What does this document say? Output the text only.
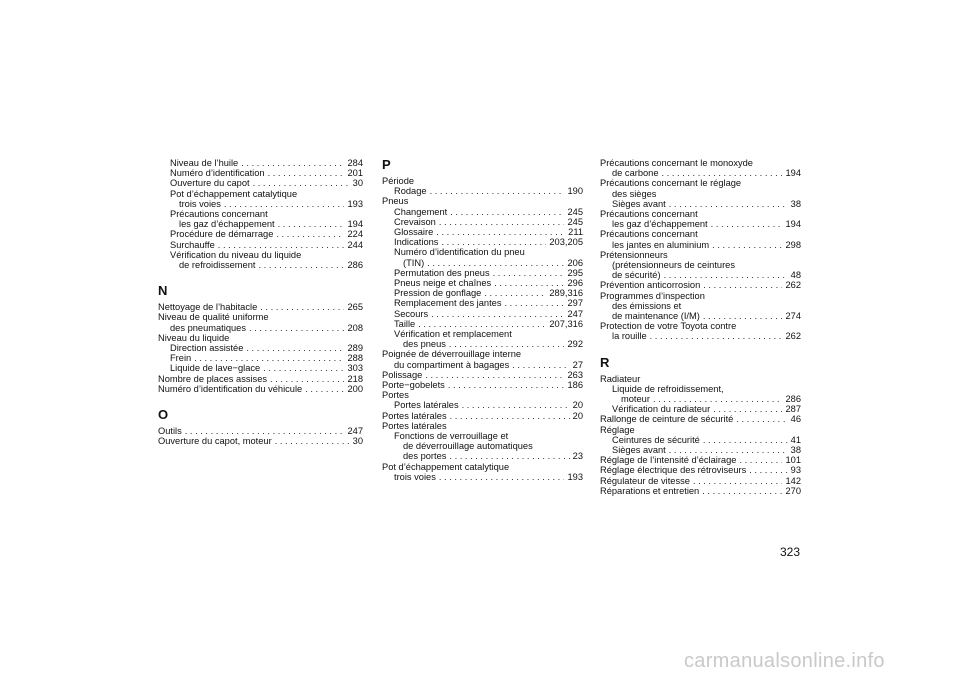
Niveau de l’huile . . .	284
Numéro d’identification . . .	201
Ouverture du capot . . .	30
Pot d’échappement catalytique
trois voies . . .	193
Précautions concernant
les gaz d’échappement . . .	194
Procédure de démarrage . . .	224
Surchauffe . . .	244
Vérification du niveau du liquide
de refroidissement . . .	286
N
Nettoyage de l’habitacle . . .	265
Niveau de qualité uniforme
des pneumatiques . . .	208
Niveau du liquide
Direction assistée . . .	289
Frein . . .	288
Liquide de lave−glace . . .	303
Nombre de places assises . . .	218
Numéro d’identification du véhicule . . .	200
O
Outils . . .	247
Ouverture du capot, moteur . . .	30
P
Période
Rodage . . .	190
Pneus
Changement . . .	245
Crevaison . . .	245
Glossaire . . .	211
Indications . . .	203,205
Numéro d’identification du pneu
(TIN) . . .	206
Permutation des pneus . . .	295
Pneus neige et chaînes . . .	296
Pression de gonflage . . .	289,316
Remplacement des jantes . . .	297
Secours . . .	247
Taille . . .	207,316
Vérification et remplacement
des pneus . . .	292
Poignée de déverrouillage interne
du compartiment à bagages . . .	27
Polissage . . .	263
Porte−gobelets . . .	186
Portes
Portes latérales . . .	20
Portes latérales . . .	20
Portes latérales
Fonctions de verrouillage et
de déverrouillage automatiques
des portes . . .	23
Pot d’échappement catalytique
trois voies . . .	193
Précautions concernant le monoxyde
de carbone . . .	194
Précautions concernant le réglage
des sièges
Sièges avant . . .	38
Précautions concernant
les gaz d’échappement . . .	194
Précautions concernant
les jantes en aluminium . . .	298
Prétensionneurs
(prétensionneurs de ceintures
de sécurité) . . .	48
Prévention anticorrosion . . .	262
Programmes d’inspection
des émissions et
de maintenance (I/M) . . .	274
Protection de votre Toyota contre
la rouille . . .	262
R
Radiateur
Liquide de refroidissement,
moteur . . .	286
Vérification du radiateur . . .	287
Rallonge de ceinture de sécurité . . .	46
Réglage
Ceintures de sécurité . . .	41
Sièges avant . . .	38
Réglage de l’intensité d’éclairage . . .	101
Réglage électrique des rétroviseurs . . .	93
Régulateur de vitesse . . .	142
Réparations et entretien . . .	270
323
carmanualsonline.info
